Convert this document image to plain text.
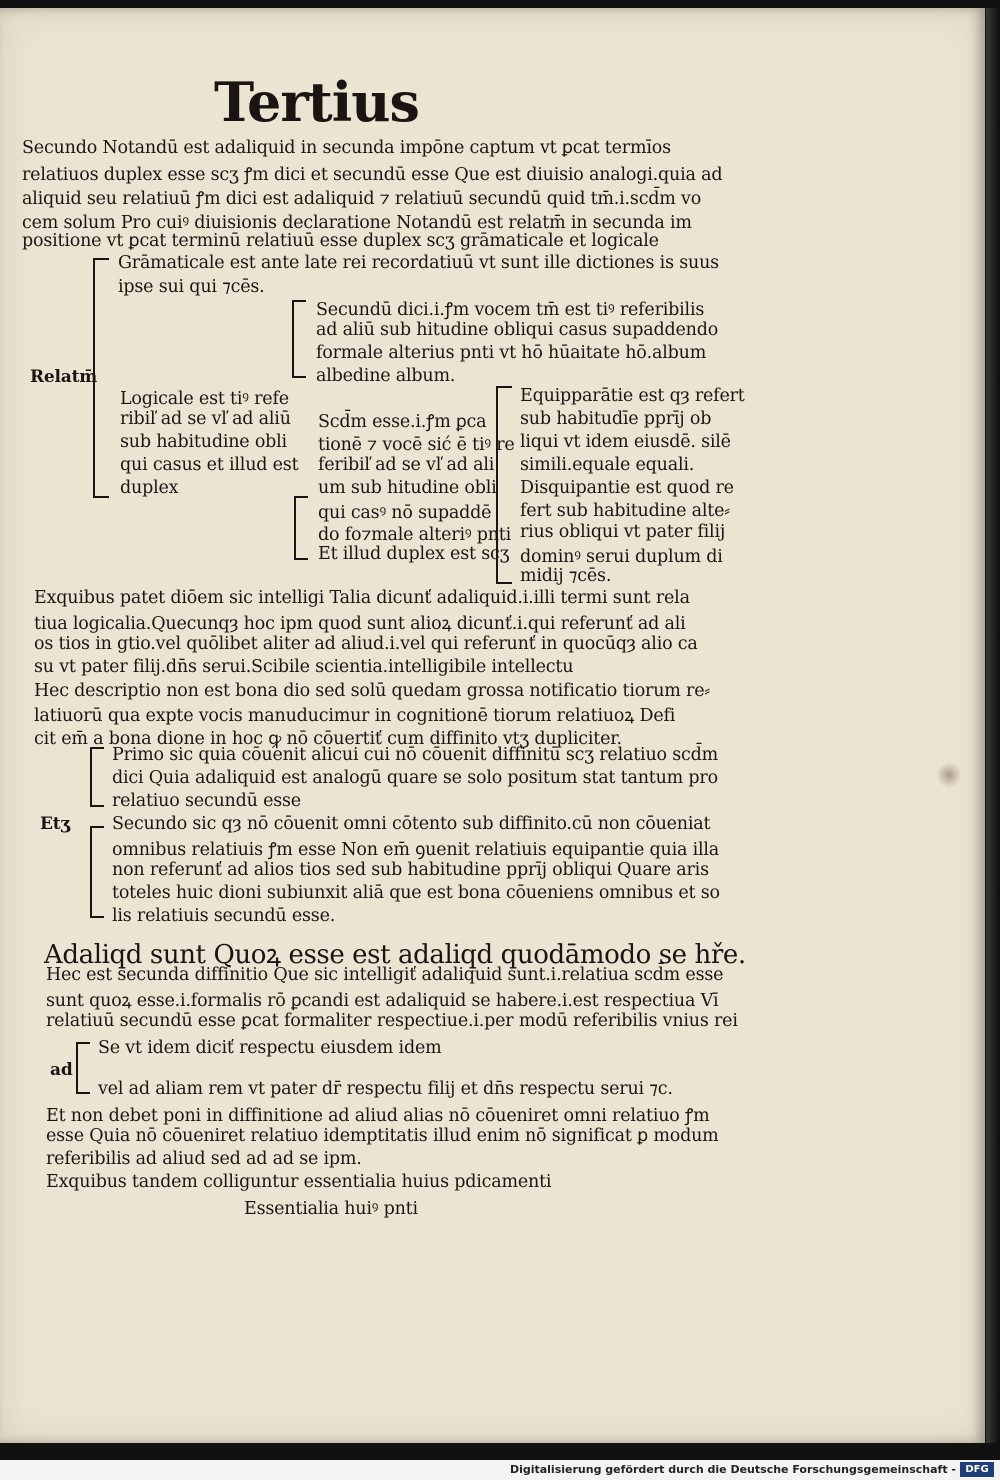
Tertius
Secundo Notandū est adaliquid in secunda impōne captum vt ꝑcat termīos
relatiuos duplex esse scʒ ꝭm dici et secundū esse Que est diuisio analogi.quia ad
aliquid seu relatiuū ꝭm dici est adaliquid ⁊ relatiuū secundū quid tm̄.i.scd̄m vo
cem solum Pro cuiꝰ diuisionis declaratione Notandū est relatm̄ in secunda im
positione vt ꝑcat terminū relatiuū esse duplex scʒ grāmaticale et logicale
Grāmaticale est ante late rei recordatiuū vt sunt ille dictiones is suus
ipse sui qui ⁊cēs.
Secundū dici.i.ꝭm vocem tm̄ est tiꝰ referibilis
ad aliū sub hitudine obliqui casus supaddendo
formale alterius pnti vt hō hūaitate hō.album
albedine album.
Relatm̄
Logicale est tiꝰ refe
ribiľ ad se vľ ad aliū
sub habitudine obli
qui casus et illud est
duplex
Scd̄m esse.i.ꝭm ꝑca
tionē ⁊ vocē sić ē tiꝰ re
feribiľ ad se vľ ad ali
um sub hitudine obli
qui casꝰ nō supaddē
do fo⁊male alteriꝰ pnti
Et illud duplex est scʒ
Equipparātie est qȝ refert
sub habitudīe pprīj ob
liqui vt idem eiusdē. silē
simili.equale equali.
Disquipantie est quod re
fert sub habitudine alte⸗
rius obliqui vt pater filij
dominꝰ serui duplum di
midij ⁊cēs.
Exquibus patet diōem sic intelligi Talia dicunť adaliquid.i.illi termi sunt rela
tiua logicalia.Quecunqȝ hoc ipm quod sunt alioꝝ dicunť.i.qui referunť ad ali
os tios in gtio.vel quōlibet aliter ad aliud.i.vel qui referunť in quocūqȝ alio ca
su vt pater filij.dn̄s serui.Scibile scientia.intelligibile intellectu
Hec descriptio non est bona dio sed solū quedam grossa notificatio tiorum re⸗
latiuorū qua expte vocis manuducimur in cognitionē tiorum relatiuoꝝ Defi
cit em̄ a bona dione in hoc ꝙ nō cōuertiť cum diffinito vtʒ dupliciter.
Primo sic quia cōuenit alicui cui nō cōuenit diffinitū scʒ relatiuo scd̄m
dici Quia adaliquid est analogū quare se solo positum stat tantum pro
relatiuo secundū esse
Etʒ Secundo sic qȝ nō cōuenit omni cōtento sub diffinito.cū non cōueniat
omnibus relatiuis ꝭm esse Non em̄ ꝯuenit relatiuis equipantie quia illa
non referunť ad alios tios sed sub habitudine pprīj obliqui Quare aris
toteles huic dioni subiunxit aliā que est bona cōueniens omnibus et so
lis relatiuis secundū esse.
Adaliqd sunt Quoꝝ esse est adaliqd quodāmodo se hře.
Hec est secunda diffinitio Que sic intelligiť adaliquid sunt.i.relatiua scd̄m esse
sunt quoꝝ esse.i.formalis rō ꝑcandi est adaliquid se habere.i.est respectiua Vī
relatiuū secundū esse ꝑcat formaliter respectiue.i.per modū referibilis vnius rei
Se vt idem diciť respectu eiusdem idem
ad
vel ad aliam rem vt pater dr̄ respectu filij et dn̄s respectu serui ⁊c.
Et non debet poni in diffinitione ad aliud alias nō cōueniret omni relatiuo ꝭm
esse Quia nō cōueniret relatiuo idemptitatis illud enim nō significat ꝑ modum
referibilis ad aliud sed ad ad se ipm.
Exquibus tandem colliguntur essentialia huius pdicamenti
Essentialia huiꝰ pnti
Digitalisierung gefördert durch die Deutsche Forschungsgemeinschaft - DFG
